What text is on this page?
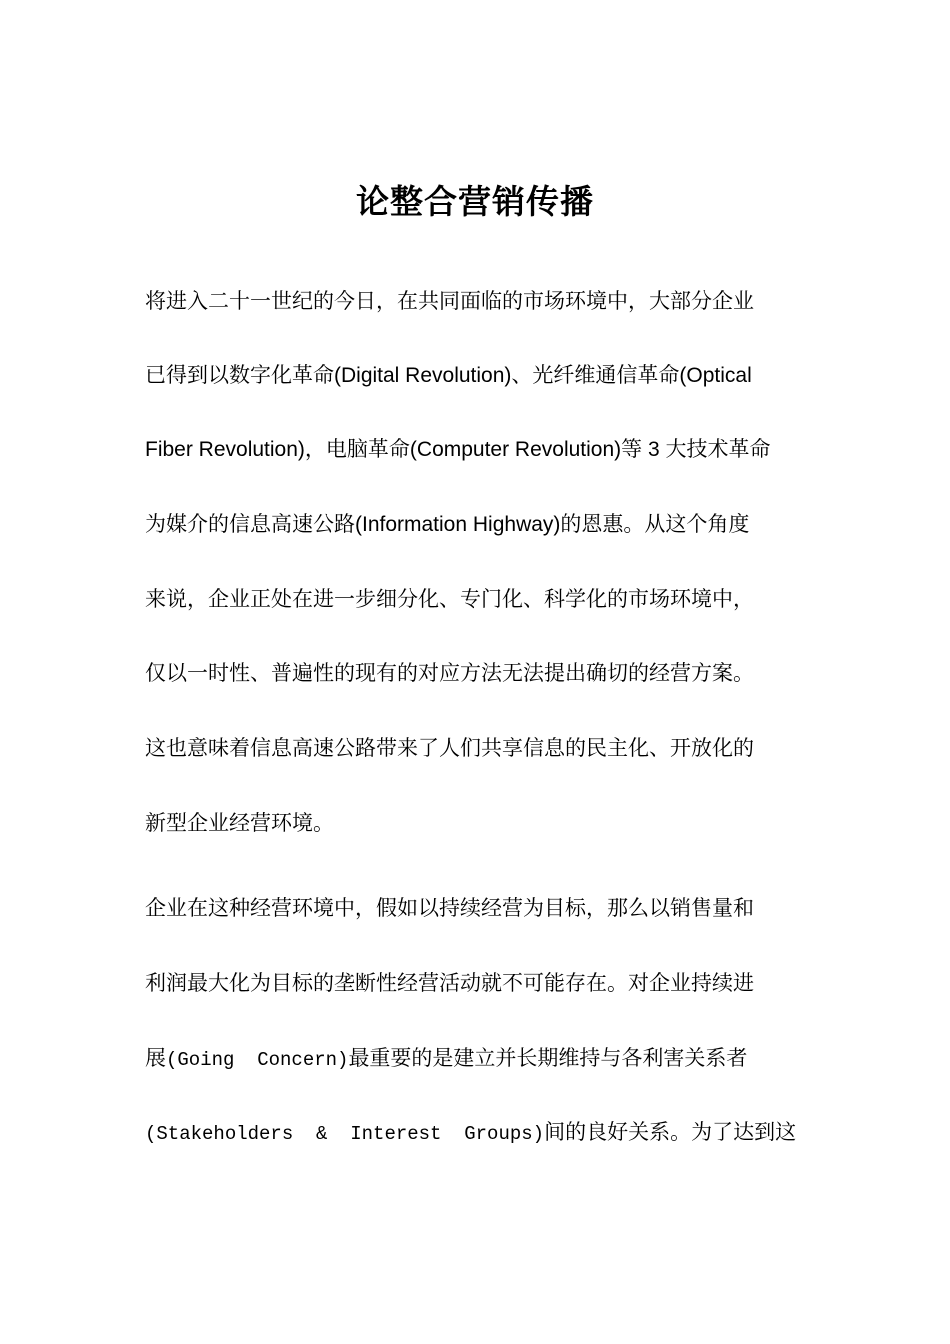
论整合营销传播
将进入二十一世纪的今日，在共同面临的市场环境中，大部分企业
已得到以数字化革命(Digital Revolution)、光纤维通信革命(Optical
Fiber Revolution)，电脑革命(Computer Revolution)等 3 大技术革命
为媒介的信息高速公路(Information Highway)的恩惠。从这个角度
来说，企业正处在进一步细分化、专门化、科学化的市场环境中，
仅以一时性、普遍性的现有的对应方法无法提出确切的经营方案。
这也意味着信息高速公路带来了人们共享信息的民主化、开放化的
新型企业经营环境。
企业在这种经营环境中，假如以持续经营为目标，那么以销售量和
利润最大化为目标的垄断性经营活动就不可能存在。对企业持续进
展(Going  Concern)最重要的是建立并长期维持与各利害关系者
(Stakeholders  &  Interest  Groups)间的良好关系。为了达到这
